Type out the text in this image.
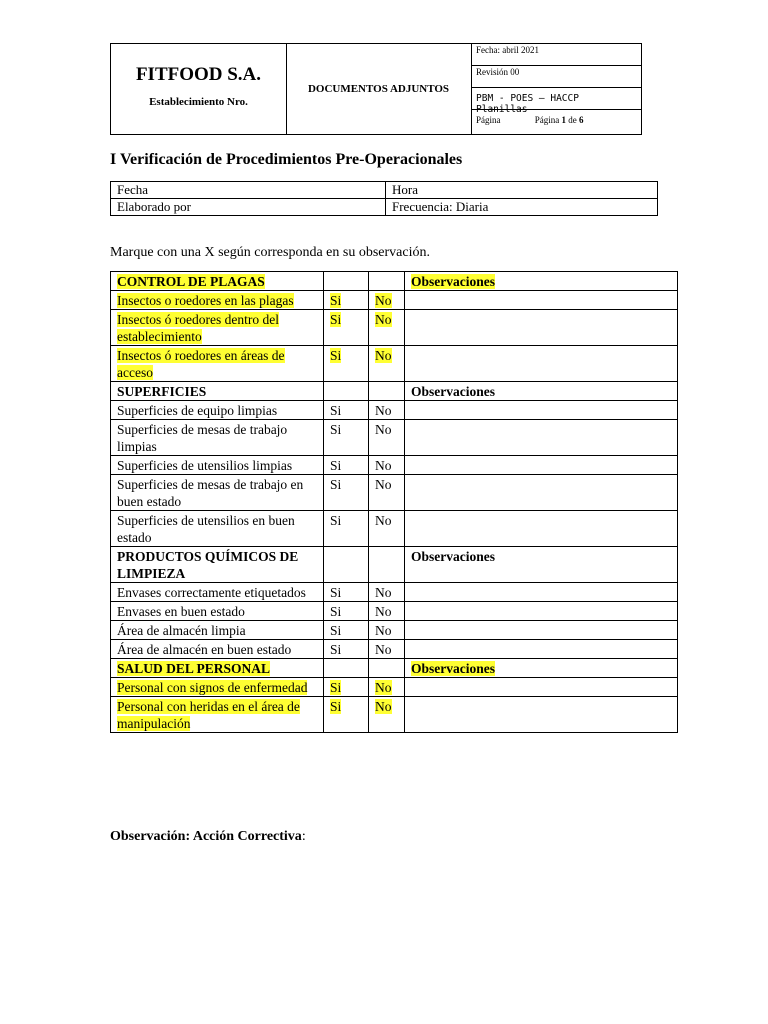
FITFOOD S.A.
Establecimiento Nro.
DOCUMENTOS ADJUNTOS
Fecha: abril 2021
Revisión 00
PBM - POES – HACCP Planillas
Página	Página 1 de 6
I Verificación de Procedimientos Pre-Operacionales
Fecha	Hora
Elaborado por	Frecuencia: Diaria
Marque con una X según corresponda en su observación.
CONTROL DE PLAGAS			Observaciones
Insectos o roedores en las plagas	Si	No	
Insectos ó roedores dentro del establecimiento	Si	No	
Insectos ó roedores en áreas de acceso	Si	No	
SUPERFICIES			Observaciones
Superficies de equipo limpias	Si	No	
Superficies de mesas de trabajo limpias	Si	No	
Superficies de utensilios limpias	Si	No	
Superficies de mesas de trabajo en buen estado	Si	No	
Superficies de utensilios en buen estado	Si	No	
PRODUCTOS QUÍMICOS DE LIMPIEZA			Observaciones
Envases correctamente etiquetados	Si	No	
Envases en buen estado	Si	No	
Área de almacén limpia	Si	No	
Área de almacén en buen estado	Si	No	
SALUD DEL PERSONAL			Observaciones
Personal con signos de enfermedad	Si	No	
Personal con heridas en el área de manipulación	Si	No	
Observación: Acción Correctiva:
